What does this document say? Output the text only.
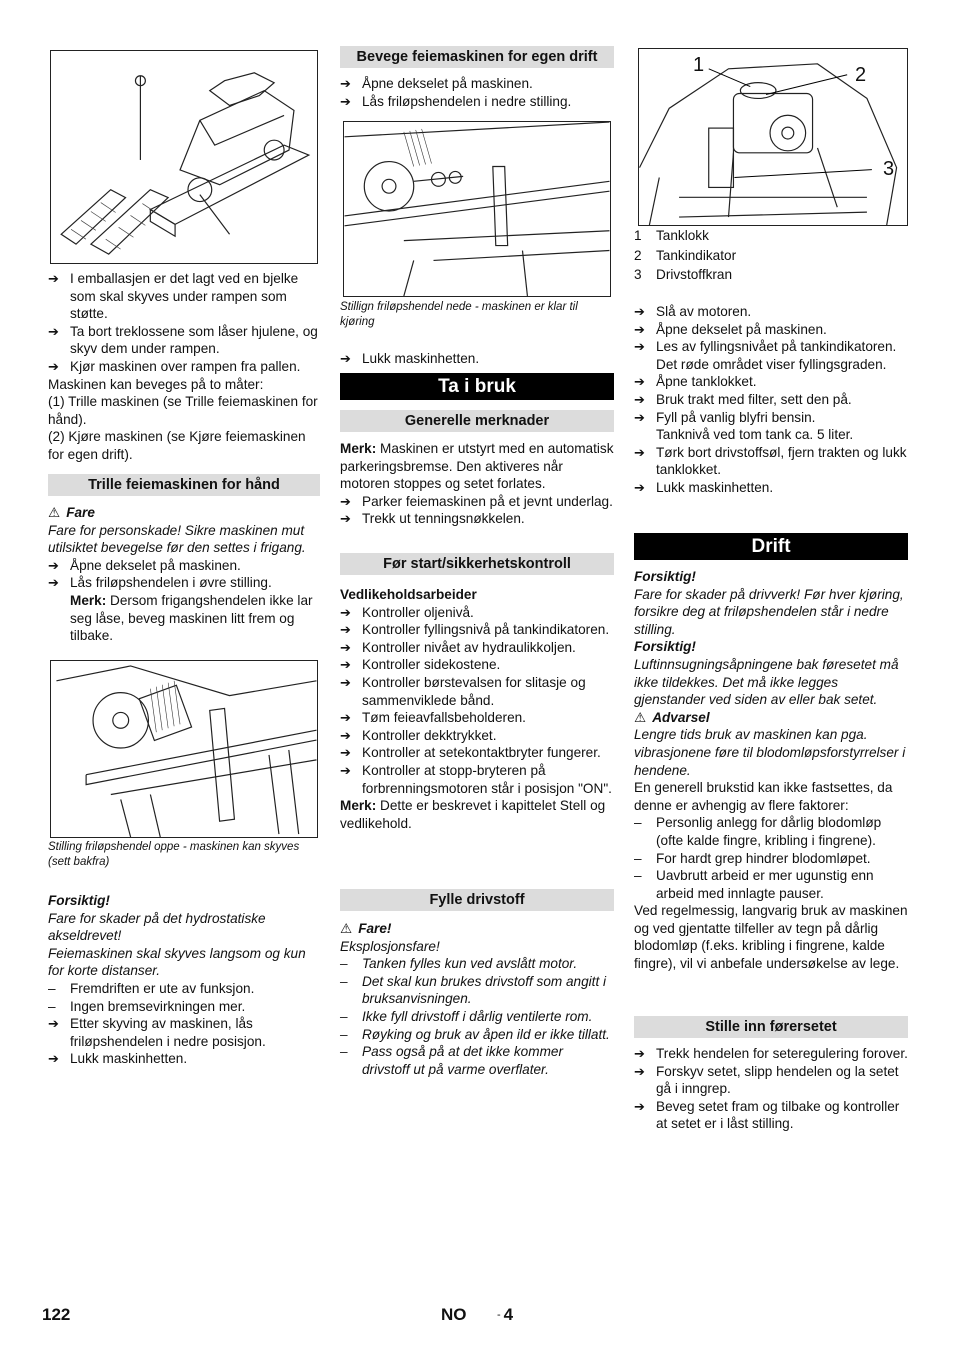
➔ I emballasjen er det lagt ved en bjelke som skal skyves under rampen som støtte.
➔ Ta bort treklossene som låser hjulene, og skyv dem under rampen.
➔ Kjør maskinen over rampen fra pallen.
Maskinen kan beveges på to måter:
(1) Trille maskinen (se Trille feiemaskinen for hånd).
(2) Kjøre maskinen (se Kjøre feiemaskinen for egen drift).
Trille feiemaskinen for hånd
⚠ Fare
Fare for personskade! Sikre maskinen mut utilsiktet bevegelse før den settes i frigang.
➔ Åpne dekselet på maskinen.
➔ Lås friløpshendelen i øvre stilling.
Merk: Dersom frigangshendelen ikke lar seg låse, beveg maskinen litt frem og tilbake.
Stilling friløpshendel oppe - maskinen kan skyves (sett bakfra)
Forsiktig!
Fare for skader på det hydrostatiske akseldrevet!
Feiemaskinen skal skyves langsom og kun for korte distanser.
– Fremdriften er ute av funksjon.
– Ingen bremsevirkningen mer.
➔ Etter skyving av maskinen, lås friløpshendelen i nedre posisjon.
➔ Lukk maskinhetten.
Bevege feiemaskinen for egen drift
➔ Åpne dekselet på maskinen.
➔ Lås friløpshendelen i nedre stilling.
Stillign friløpshendel nede - maskinen er klar til kjøring
➔ Lukk maskinhetten.
Ta i bruk
Generelle merknader
Merk: Maskinen er utstyrt med en automatisk parkeringsbremse. Den aktiveres når motoren stoppes og setet forlates.
➔ Parker feiemaskinen på et jevnt underlag.
➔ Trekk ut tenningsnøkkelen.
Før start/sikkerhetskontroll
Vedlikeholdsarbeider
➔ Kontroller oljenivå.
➔ Kontroller fyllingsnivå på tankindikatoren.
➔ Kontroller nivået av hydraulikkoljen.
➔ Kontroller sidekostene.
➔ Kontroller børstevalsen for slitasje og sammenviklede bånd.
➔ Tøm feieavfallsbeholderen.
➔ Kontroller dekktrykket.
➔ Kontroller at setekontaktbryter fungerer.
➔ Kontroller at stopp-bryteren på forbrenningsmotoren står i posisjon "ON".
Merk: Dette er beskrevet i kapittelet Stell og vedlikehold.
Fylle drivstoff
⚠ Fare!
Eksplosjonsfare!
– Tanken fylles kun ved avslått motor.
– Det skal kun brukes drivstoff som angitt i bruksanvisningen.
– Ikke fyll drivstoff i dårlig ventilerte rom.
– Røyking og bruk av åpen ild er ikke tillatt.
– Pass også på at det ikke kommer drivstoff ut på varme overflater.
1	2
3
1 Tanklokk
2 Tankindikator
3 Drivstoffkran
➔ Slå av motoren.
➔ Åpne dekselet på maskinen.
➔ Les av fyllingsnivået på tankindikatoren. Det røde området viser fyllingsgraden.
➔ Åpne tanklokket.
➔ Bruk trakt med filter, sett den på.
➔ Fyll på vanlig blyfri bensin.
Tanknivå ved tom tank ca. 5 liter.
➔ Tørk bort drivstoffsøl, fjern trakten og lukk tanklokket.
➔ Lukk maskinhetten.
Drift
Forsiktig!
Fare for skader på drivverk! Før hver kjøring, forsikre deg at friløpshendelen står i nedre stilling.
Forsiktig!
Luftinnsugningsåpningene bak føresetet må ikke tildekkes. Det må ikke legges gjenstander ved siden av eller bak setet.
⚠ Advarsel
Lengre tids bruk av maskinen kan pga. vibrasjonene føre til blodomløpsforstyrrelser i hendene.
En generell brukstid kan ikke fastsettes, da denne er avhengig av flere faktorer:
– Personlig anlegg for dårlig blodomløp (ofte kalde fingre, kribling i fingrene).
– For hardt grep hindrer blodomløpet.
– Uavbrutt arbeid er mer ugunstig enn arbeid med innlagte pauser.
Ved regelmessig, langvarig bruk av maskinen og ved gjentatte tilfeller av tegn på dårlig blodomløp (f.eks. kribling i fingrene, kalde fingre), vil vi anbefale undersøkelse av lege.
Stille inn førersetet
➔ Trekk hendelen for seteregulering forover.
➔ Forskyv setet, slipp hendelen og la setet gå i inngrep.
➔ Beveg setet fram og tilbake og kontroller at setet er i låst stilling.
122	NO	- 4
